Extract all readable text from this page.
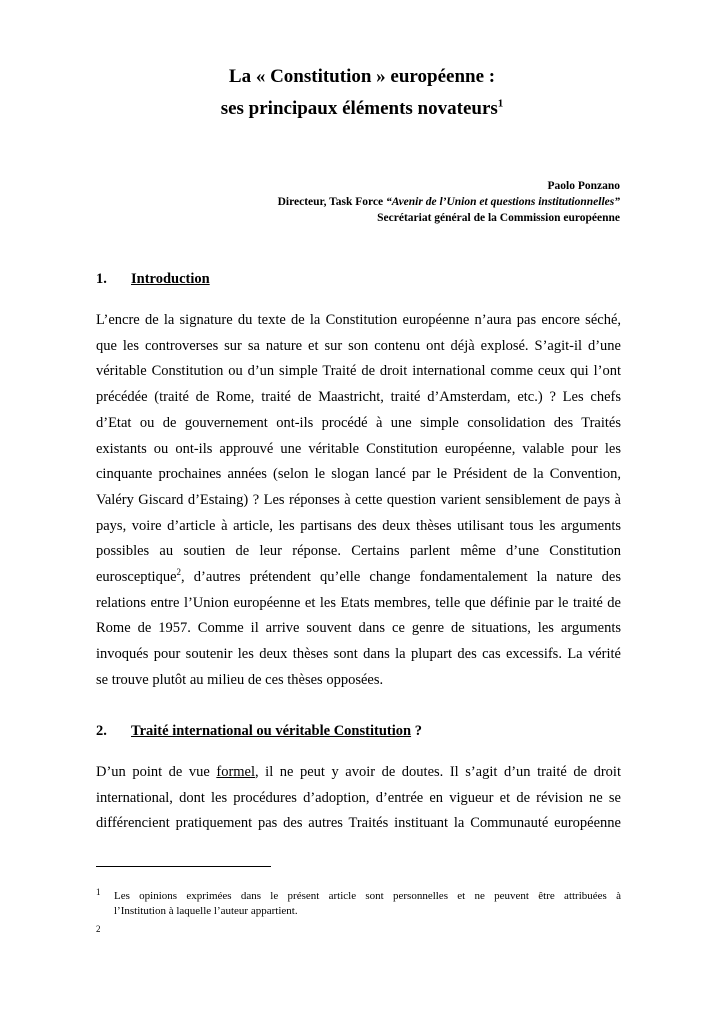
La « Constitution » européenne :
ses principaux éléments novateurs$^1$
Paolo Ponzano
Directeur, Task Force “Avenir de l’Union et questions institutionnelles”
Secrétariat général de la Commission européenne
1. Introduction
L’encre de la signature du texte de la Constitution européenne n’aura pas encore séché,
que les controverses sur sa nature et sur son contenu ont déjà explosé. S’agit-il d’une
véritable Constitution ou d’un simple Traité de droit international comme ceux qui l’ont
précédée (traité de Rome, traité de Maastricht, traité d’Amsterdam, etc.) ? Les chefs
d’Etat ou de gouvernement ont-ils procédé à une simple consolidation des Traités
existants ou ont-ils approuvé une véritable Constitution européenne, valable pour les
cinquante prochaines années (selon le slogan lancé par le Président de la Convention,
Valéry Giscard d’Estaing) ? Les réponses à cette question varient sensiblement de pays à
pays, voire d’article à article, les partisans des deux thèses utilisant tous les arguments
possibles au soutien de leur réponse. Certains parlent même d’une Constitution
eurosceptique$^2$, d’autres prétendent qu’elle change fondamentalement la nature des
relations entre l’Union européenne et les Etats membres, telle que définie par le traité de
Rome de 1957. Comme il arrive souvent dans ce genre de situations, les arguments
invoqués pour soutenir les deux thèses sont dans la plupart des cas excessifs. La vérité
se trouve plutôt au milieu de ces thèses opposées.
2. Traité international ou véritable Constitution ?
D’un point de vue formel, il ne peut y avoir de doutes. Il s’agit d’un traité de droit
international, dont les procédures d’adoption, d’entrée en vigueur et de révision ne se
différencient pratiquement pas des autres Traités instituant la Communauté européenne
1 Les opinions exprimées dans le présent article sont personnelles et ne peuvent être attribuées à
l’Institution à laquelle l’auteur appartient.
2
